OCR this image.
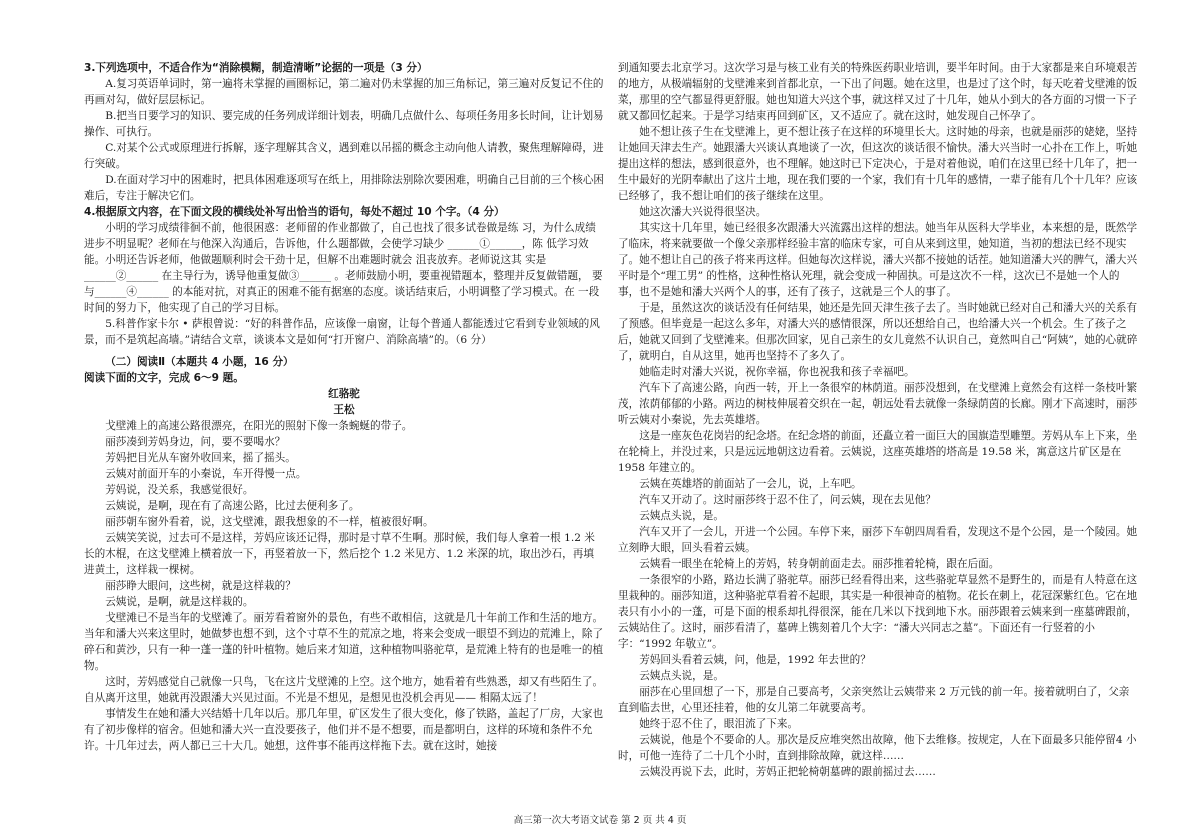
3.下列选项中，不适合作为“消除模糊，制造清晰”论据的一项是（3 分）

A.复习英语单词时，第一遍将未掌握的画圈标记，第二遍对仍未掌握的加三角标记，第三遍对反复记不住的再画对勾，做好层层标记。

B.把当日要学习的知识、要完成的任务列成详细计划表，明确几点做什么、每项任务用多长时间，让计划易操作、可执行。

C.对某个公式或原理进行拆解，逐字理解其含义，遇到难以吊摇的概念主动向他人请教，聚焦理解障碍，进行突破。

D.在面对学习中的困难时，把具体困难逐项写在纸上，用排除法别除次要困难，明确自己目前的三个核心困难后，专注于解决它们。

4.根据原文内容，在下面文段的横线处补写出恰当的语句，每处不超过 10 个字。（4 分）

小明的学习成绩徘徊不前，他很困惑：老师留的作业都做了，自己也找了很多试卷做是练 习，为什么成绩进步不明显呢？老师在与他深入沟通后，告诉他，什么题都做，会使学习缺少 ______①______，陈 低学习效能。小明还告诉老师，他做题顺利时会干劲十足，但解不出难题时就会 沮丧放弃。老师说这其 实是 ______②______ 在主导行为，诱导他重复做③______ 。老师鼓励小明，要重视错题本，整理并反复做错题， 要与______④______ 的本能对抗，对真正的困难不能有据塞的态度。谈话结束后，小明调整了学习模式。在 一段时间的努力下，他实现了自己的学习目标。

5.科普作家卡尔 • 萨根曾说：“好的科普作品，应该像一扇窗，让每个普通人都能透过它看到专业领域的风景，而不是筑起高墙。”请结合文章，谈谈本文是如何“打开窗户、消除高墙”的。（6 分）

（二）阅读Ⅱ（本题共 4 小题，16 分）

阅读下面的文字，完成 6～9 题。

红骆驼

王松

戈壁滩上的高速公路很漂亮，在阳光的照射下像一条蜿蜒的带子。

丽莎凑到芳妈身边，问，要不要喝水？

芳妈把目光从车窗外收回来，摇了摇头。

云姨对前面开车的小秦说，车开得慢一点。

芳妈说，没关系，我感觉很好。

云姨说，是啊，现在有了高速公路，比过去便利多了。

丽莎朝车窗外看着，说，这戈壁滩，跟我想象的不一样，植被很好啊。

云姨笑笑说，过去可不是这样，芳妈应该还记得，那时是寸草不生啊。那时候，我们每人拿着一根 1.2 米长的木棍，在这戈壁滩上横着放一下，再竖着放一下，然后挖个 1.2 米见方、1.2 米深的坑，取出沙石，再填进黄土，这样栽一棵树。

丽莎睁大眼问，这些树，就是这样栽的？

云姨说，是啊，就是这样栽的。

戈壁滩已不是当年的戈壁滩了。丽芳看着窗外的景色，有些不敢相信，这就是几十年前工作和生活的地方。当年和潘大兴来这里时，她做梦也想不到，这个寸草不生的荒凉之地，将来会变成一眼望不到边的荒滩上，除了碎石和黄沙，只有一种一蓬一蓬的针叶植物。她后来才知道，这种植物叫骆驼草，是荒滩上特有的也是唯一的植物。

这时，芳妈感觉自己就像一只鸟，飞在这片戈壁滩的上空。这个地方，她看着有些熟悉，却又有些陌生了。自从离开这里，她就再没跟潘大兴见过面。不光是不想见，是想见也没机会再见—— 相隔太远了！

事情发生在她和潘大兴结婚十几年以后。那几年里，矿区发生了很大变化，修了铁路，盖起了厂房，大家也有了初步像样的宿舍。但她和潘大兴一直没要孩子，他们并不是不想要，而是都明白，这样的环境和条件不允许。十几年过去，两人都已三十大几。她想，这件事不能再这样拖下去。就在这时，她接

到通知要去北京学习。这次学习是与核工业有关的特殊医药职业培训，要半年时间。由于大家都是来自环境艰苦的地方，从极端辐射的戈壁滩来到首都北京，一下出了问题。她在这里，也是过了这个时，每天吃着戈壁滩的饭菜，那里的空气都显得更舒服。她也知道大兴这个事，就这样又过了十几年，她从小到大的各方面的习惯一下子就又都回忆起来。于是学习结束再回到矿区，又不适应了。就在这时，她发现自己怀孕了。

她不想让孩子生在戈壁滩上，更不想让孩子在这样的环境里长大。这时她的母亲，也就是丽莎的姥姥，坚持让她回天津去生产。她跟潘大兴谈认真地谈了一次，但这次的谈话很不愉快。潘大兴当时一心扑在工作上，听她提出这样的想法，感到很意外，也不理解。她这时已下定决心，于是对着他说，咱们在这里已经十几年了，把一生中最好的光阴奉献出了这片土地，现在我们要的一个家，我们有十几年的感情，一辈子能有几个十几年？应该已经够了，我不想让咱们的孩子继续在这里。

她这次潘大兴说得很坚决。

其实这十几年里，她已经很多次跟潘大兴流露出这样的想法。她当年从医科大学毕业，本来想的是，既然学了临床，将来就要做一个像父亲那样经验丰富的临床专家，可自从来到这里，她知道，当初的想法已经不现实了。她不想让自己的孩子将来再这样。但她每次这样说，潘大兴都不接她的话茬。她知道潘大兴的脾气，潘大兴平时是个“理工男” 的性格，这种性格认死理，就会变成一种固执。可是这次不一样，这次已不是她一个人的事，也不是她和潘大兴两个人的事，还有了孩子，这就是三个人的事了。

于是，虽然这次的谈话没有任何结果，她还是先回天津生孩子去了。当时她就已经对自己和潘大兴的关系有了预感。但毕竟是一起这么多年，对潘大兴的感情很深，所以还想给自己，也给潘大兴一个机会。生了孩子之后，她就又回到了戈壁滩来。但那次回家，见自己亲生的女儿竟然不认识自己，竟然叫自己“阿姨”，她的心就碎了，就明白，自从这里，她再也坚持不了多久了。

她临走时对潘大兴说，祝你幸福，你也祝我和孩子幸福吧。

汽车下了高速公路，向西一转，开上一条很窄的林荫道。丽莎没想到，在戈壁滩上竟然会有这样一条枝叶繁茂，浓荫郁郁的小路。两边的树枝伸展着交织在一起，朝远处看去就像一条绿荫茵的长廊。刚才下高速时，丽莎听云姨对小秦说，先去英雄塔。

这是一座灰色花岗岩的纪念塔。在纪念塔的前面，还矗立着一面巨大的国旗造型雕塑。芳妈从车上下来，坐在轮椅上，并没过来，只是远远地朝这边看着。云姨说，这座英雄塔的塔高是 19.58 米，寓意这片矿区是在 1958 年建立的。

云姨在英雄塔的前面站了一会儿，说，上车吧。

汽车又开动了。这时丽莎终于忍不住了，问云姨，现在去见他？

云姨点头说，是。

汽车又开了一会儿，开进一个公园。车停下来，丽莎下车朝四周看看，发现这不是个公园，是一个陵园。她立刻睁大眼，回头看着云姨。

云姨看一眼坐在轮椅上的芳妈，转身朝前面走去。丽莎推着轮椅，跟在后面。

一条很窄的小路，路边长满了骆驼草。丽莎已经看得出来，这些骆驼草显然不是野生的，而是有人特意在这里栽种的。丽莎知道，这种骆驼草看着不起眼，其实是一种很神奇的植物。花长在刺上，花冠深紫红色。它在地表只有小小的一蓬，可是下面的根系却扎得很深，能在几米以下找到地下水。丽莎跟着云姨来到一座墓碑跟前，云姨站住了。这时，丽莎看清了，墓碑上镌刻着几个大字：“潘大兴同志之墓”。下面还有一行竖着的小字：“1992 年敬立”。

芳妈回头看着云姨，问，他是，1992 年去世的？

云姨点头说，是。

丽莎在心里回想了一下，那是自己要高考，父亲突然让云姨带来 2 万元钱的前一年。接着就明白了，父亲直到临去世，心里还挂着，他的女儿第二年就要高考。

她终于忍不住了，眼泪流了下来。

云姨说，他是个不要命的人。那次是反应堆突然出故障，他下去维修。按规定，人在下面最多只能停留4 小时，可他一连待了二十几个小时，直到排除故障，就这样……

云姨没再说下去，此时，芳妈正把轮椅朝墓碑的跟前摇过去……

高三第一次大考语文试卷 第 2 页 共 4 页
